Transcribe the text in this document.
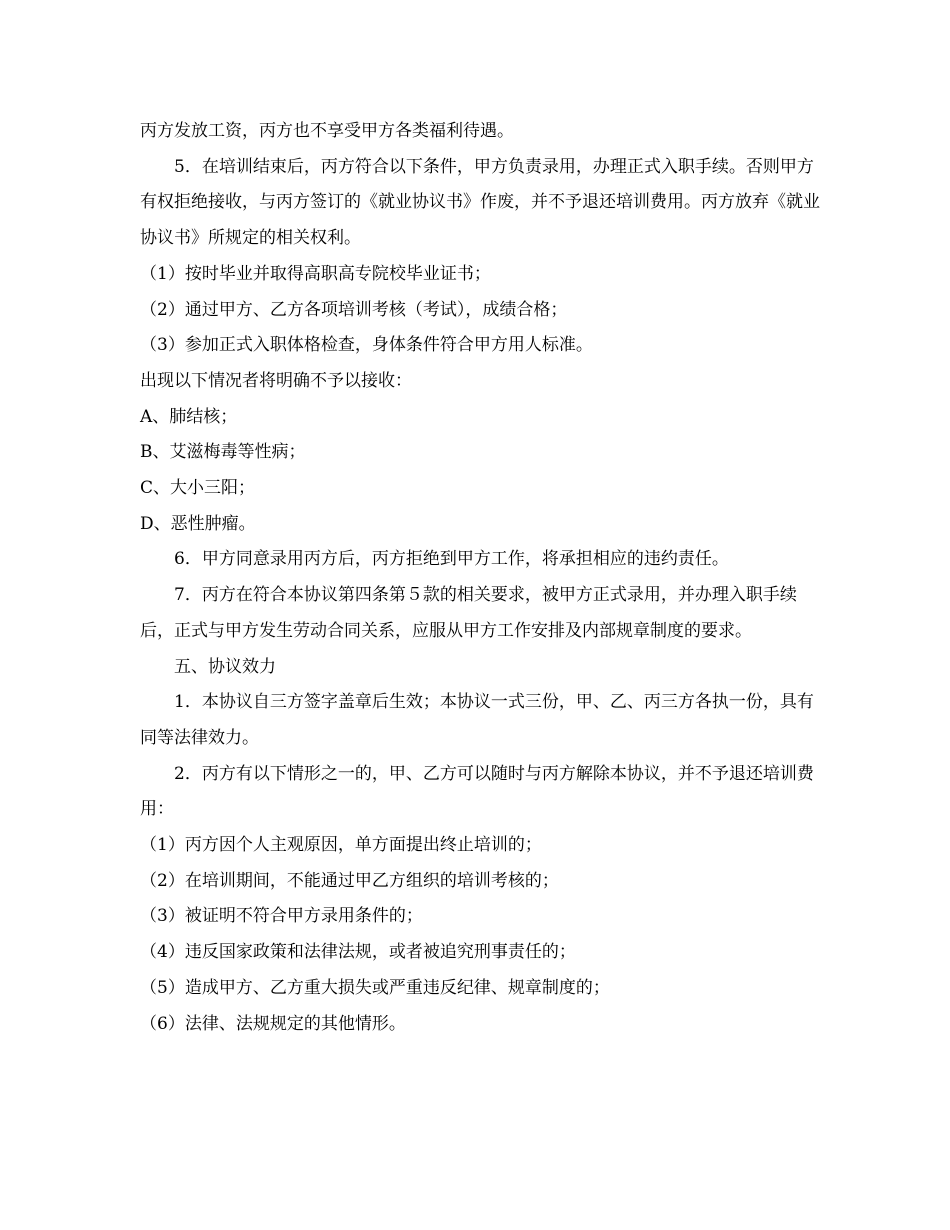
丙方发放工资，丙方也不享受甲方各类福利待遇。

5．在培训结束后，丙方符合以下条件，甲方负责录用，办理正式入职手续。否则甲方有权拒绝接收，与丙方签订的《就业协议书》作废，并不予退还培训费用。丙方放弃《就业协议书》所规定的相关权利。

（1）按时毕业并取得高职高专院校毕业证书；

（2）通过甲方、乙方各项培训考核（考试），成绩合格；

（3）参加正式入职体格检查，身体条件符合甲方用人标准。

出现以下情况者将明确不予以接收：

A、肺结核；

B、艾滋梅毒等性病；

C、大小三阳；

D、恶性肿瘤。

6．甲方同意录用丙方后，丙方拒绝到甲方工作，将承担相应的违约责任。

7．丙方在符合本协议第四条第５款的相关要求，被甲方正式录用，并办理入职手续后，正式与甲方发生劳动合同关系，应服从甲方工作安排及内部规章制度的要求。

五、协议效力

1．本协议自三方签字盖章后生效；本协议一式三份，甲、乙、丙三方各执一份，具有同等法律效力。

2．丙方有以下情形之一的，甲、乙方可以随时与丙方解除本协议，并不予退还培训费用：

（1）丙方因个人主观原因，单方面提出终止培训的；

（2）在培训期间，不能通过甲乙方组织的培训考核的；

（3）被证明不符合甲方录用条件的；

（4）违反国家政策和法律法规，或者被追究刑事责任的；

（5）造成甲方、乙方重大损失或严重违反纪律、规章制度的；

（6）法律、法规规定的其他情形。
